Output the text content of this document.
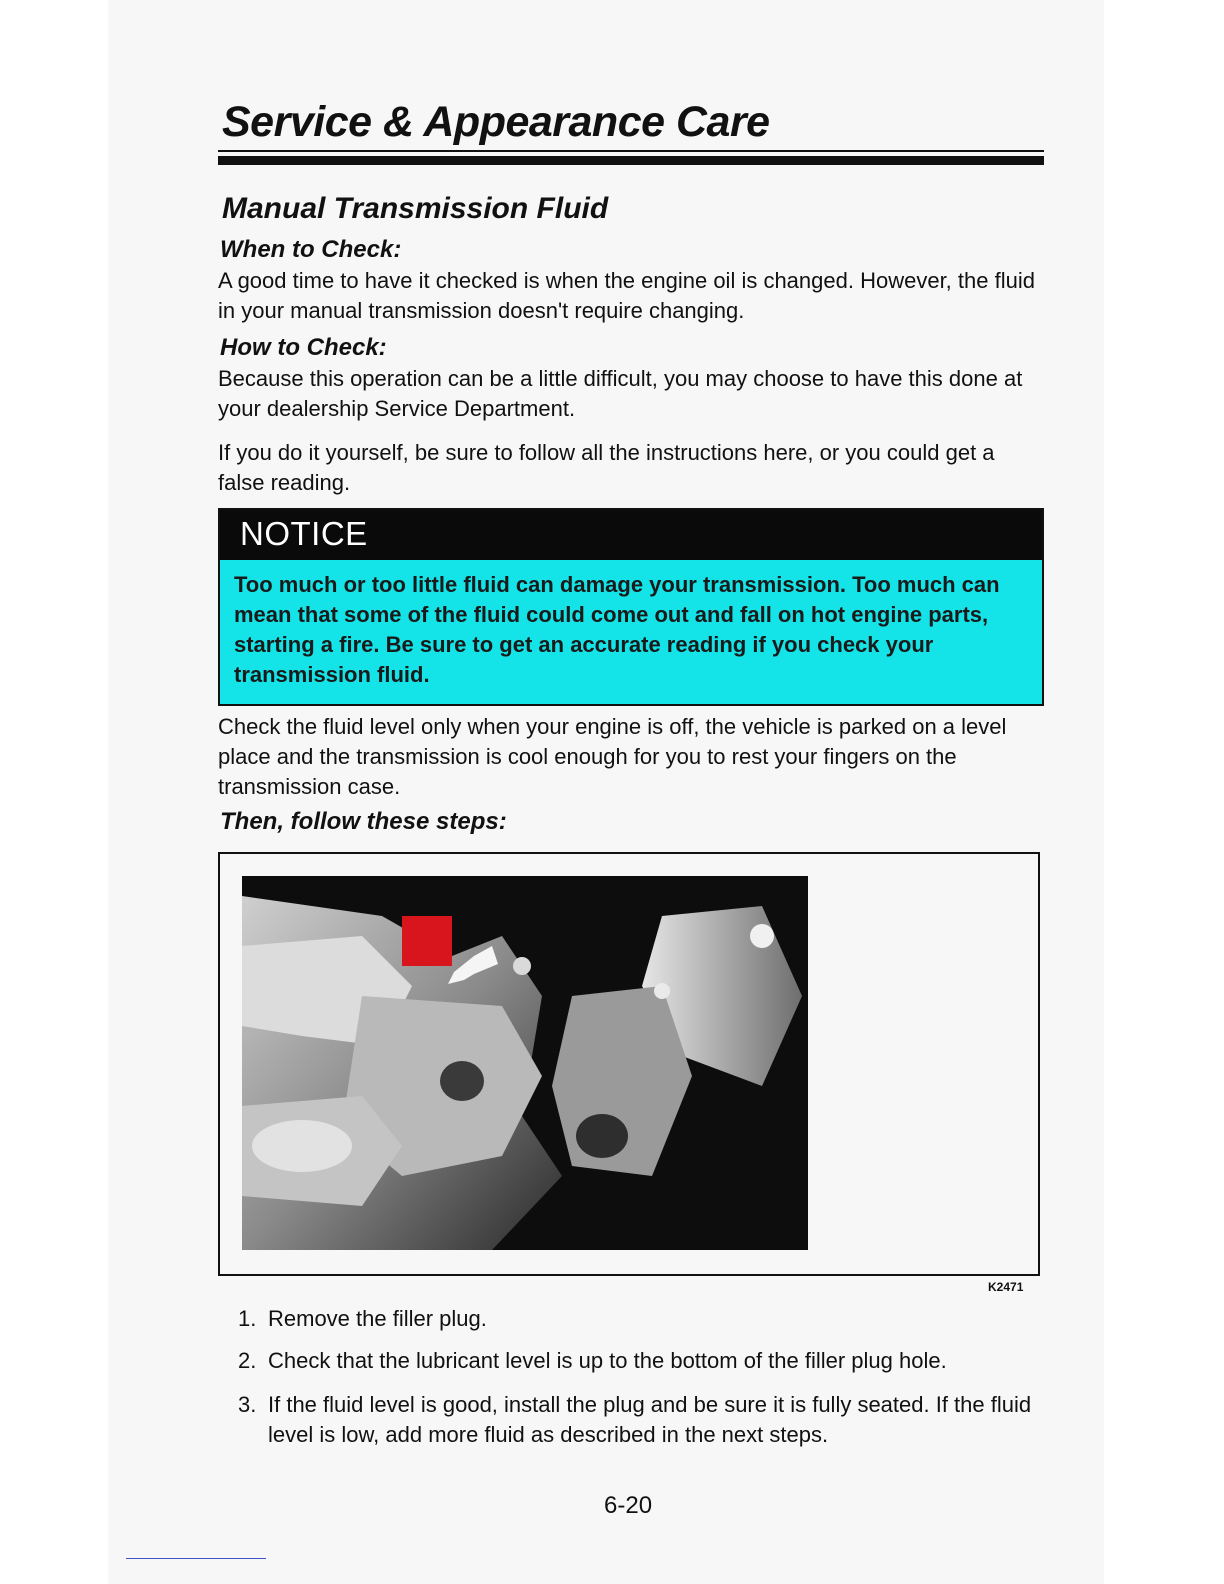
Service & Appearance Care
Manual Transmission Fluid
When to Check:
A good time to have it checked is when the engine oil is changed. However, the fluid in your manual transmission doesn't require changing.
How to Check:
Because this operation can be a little difficult, you may choose to have this done at your dealership Service Department.
If you do it yourself, be sure to follow all the instructions here, or you could get a false reading.
NOTICE
Too much or too little fluid can damage your transmission. Too much can mean that some of the fluid could come out and fall on hot engine parts, starting a fire. Be sure to get an accurate reading if you check your transmission fluid.
Check the fluid level only when your engine is off, the vehicle is parked on a level place and the transmission is cool enough for you to rest your fingers on the transmission case.
Then, follow these steps:
K2471
1. Remove the filler plug.
2. Check that the lubricant level is up to the bottom of the filler plug hole.
3. If the fluid level is good, install the plug and be sure it is fully seated. If the fluid level is low, add more fluid as described in the next steps.
6-20
